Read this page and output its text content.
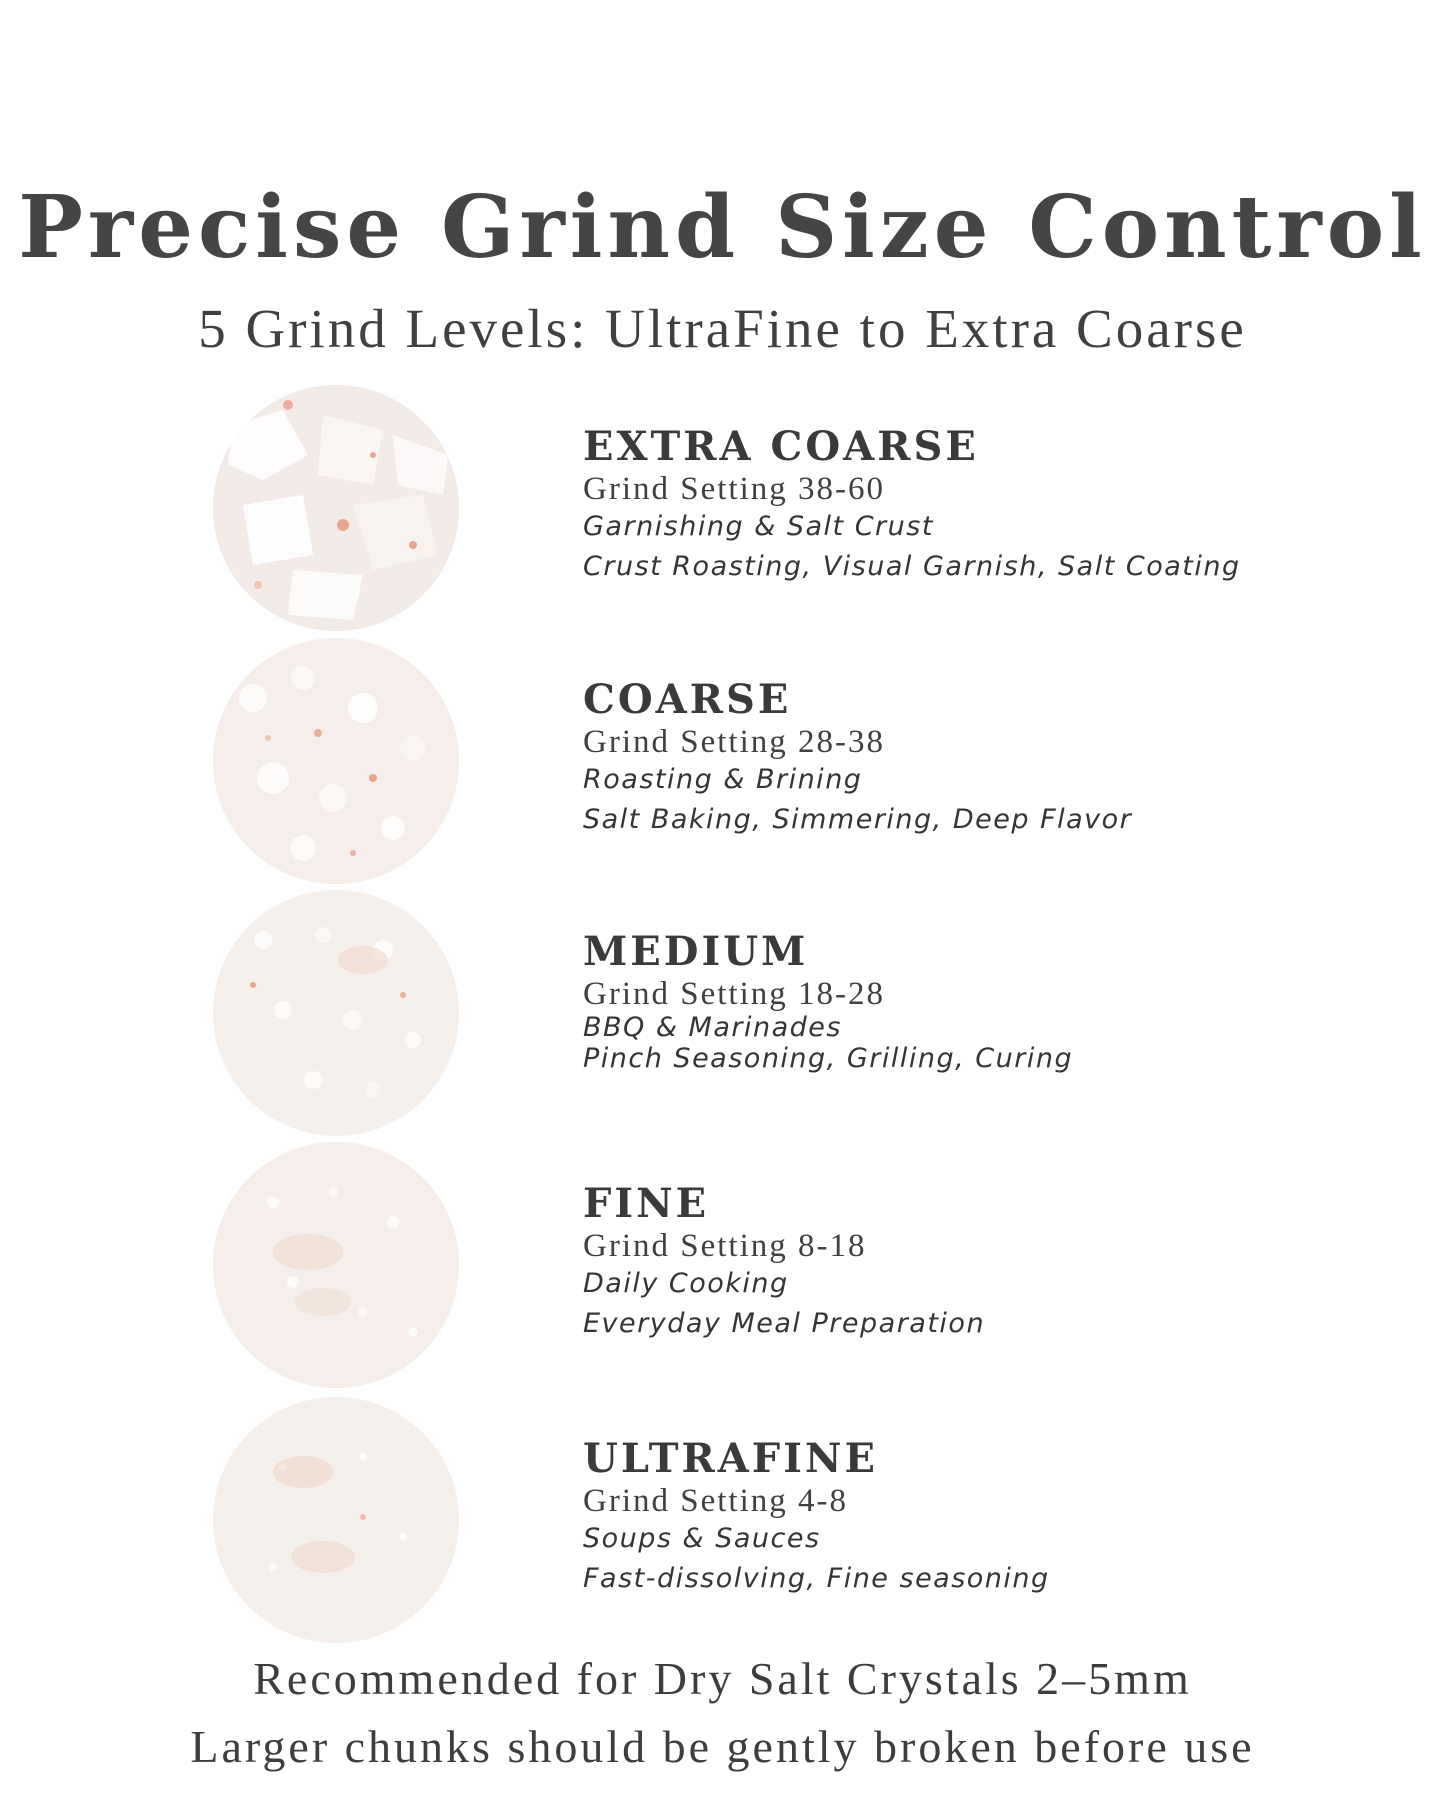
Precise Grind Size Control
5 Grind Levels: UltraFine to Extra Coarse
EXTRA COARSE
Grind Setting 38-60
Garnishing & Salt Crust
Crust Roasting, Visual Garnish, Salt Coating
COARSE
Grind Setting 28-38
Roasting & Brining
Salt Baking, Simmering, Deep Flavor
MEDIUM
Grind Setting 18-28
BBQ & Marinades
Pinch Seasoning, Grilling, Curing
FINE
Grind Setting 8-18
Daily Cooking
Everyday Meal Preparation
ULTRAFINE
Grind Setting 4-8
Soups & Sauces
Fast-dissolving, Fine seasoning
Recommended for Dry Salt Crystals 2–5mm
Larger chunks should be gently broken before use
